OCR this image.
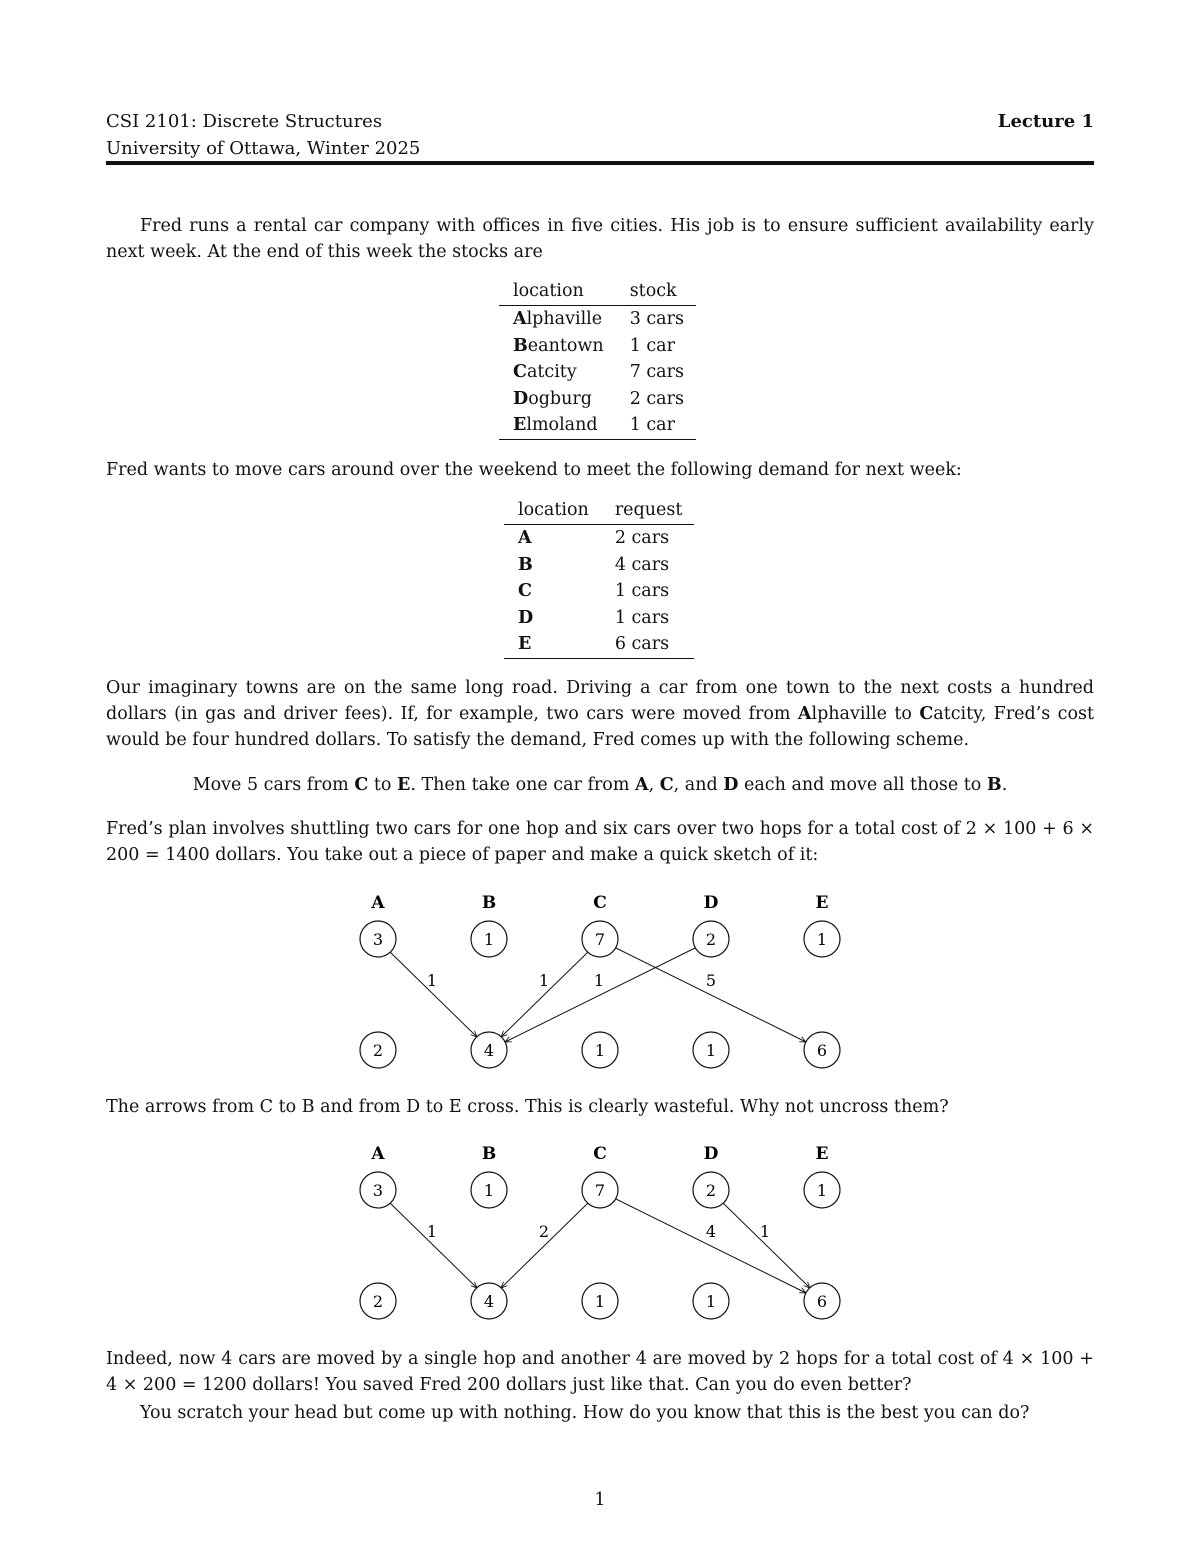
CSI 2101: Discrete Structures
University of Ottawa, Winter 2025
Lecture 1
Fred runs a rental car company with offices in five cities. His job is to ensure sufficient availability early next week. At the end of this week the stocks are
location	stock
Alphaville	3 cars
Beantown	1 car
Catcity	7 cars
Dogburg	2 cars
Elmoland	1 car
Fred wants to move cars around over the weekend to meet the following demand for next week:
location	request
A	2 cars
B	4 cars
C	1 cars
D	1 cars
E	6 cars
Our imaginary towns are on the same long road. Driving a car from one town to the next costs a hundred dollars (in gas and driver fees). If, for example, two cars were moved from Alphaville to Catcity, Fred’s cost would be four hundred dollars. To satisfy the demand, Fred comes up with the following scheme.
Move 5 cars from C to E. Then take one car from A, C, and D each and move all those to B.
Fred’s plan involves shuttling two cars for one hop and six cars over two hops for a total cost of 2 × 100 + 6 × 200 = 1400 dollars. You take out a piece of paper and make a quick sketch of it:
The arrows from C to B and from D to E cross. This is clearly wasteful. Why not uncross them?
Indeed, now 4 cars are moved by a single hop and another 4 are moved by 2 hops for a total cost of 4 × 100 + 4 × 200 = 1200 dollars! You saved Fred 200 dollars just like that. Can you do even better?
You scratch your head but come up with nothing. How do you know that this is the best you can do?
A	B	C	D	E
3	1	7	2	1
2	4	1	1	6
1	1	1	5
A	B	C	D	E
3	1	7	2	1
2	4	1	1	6
1	2	4	1
1
